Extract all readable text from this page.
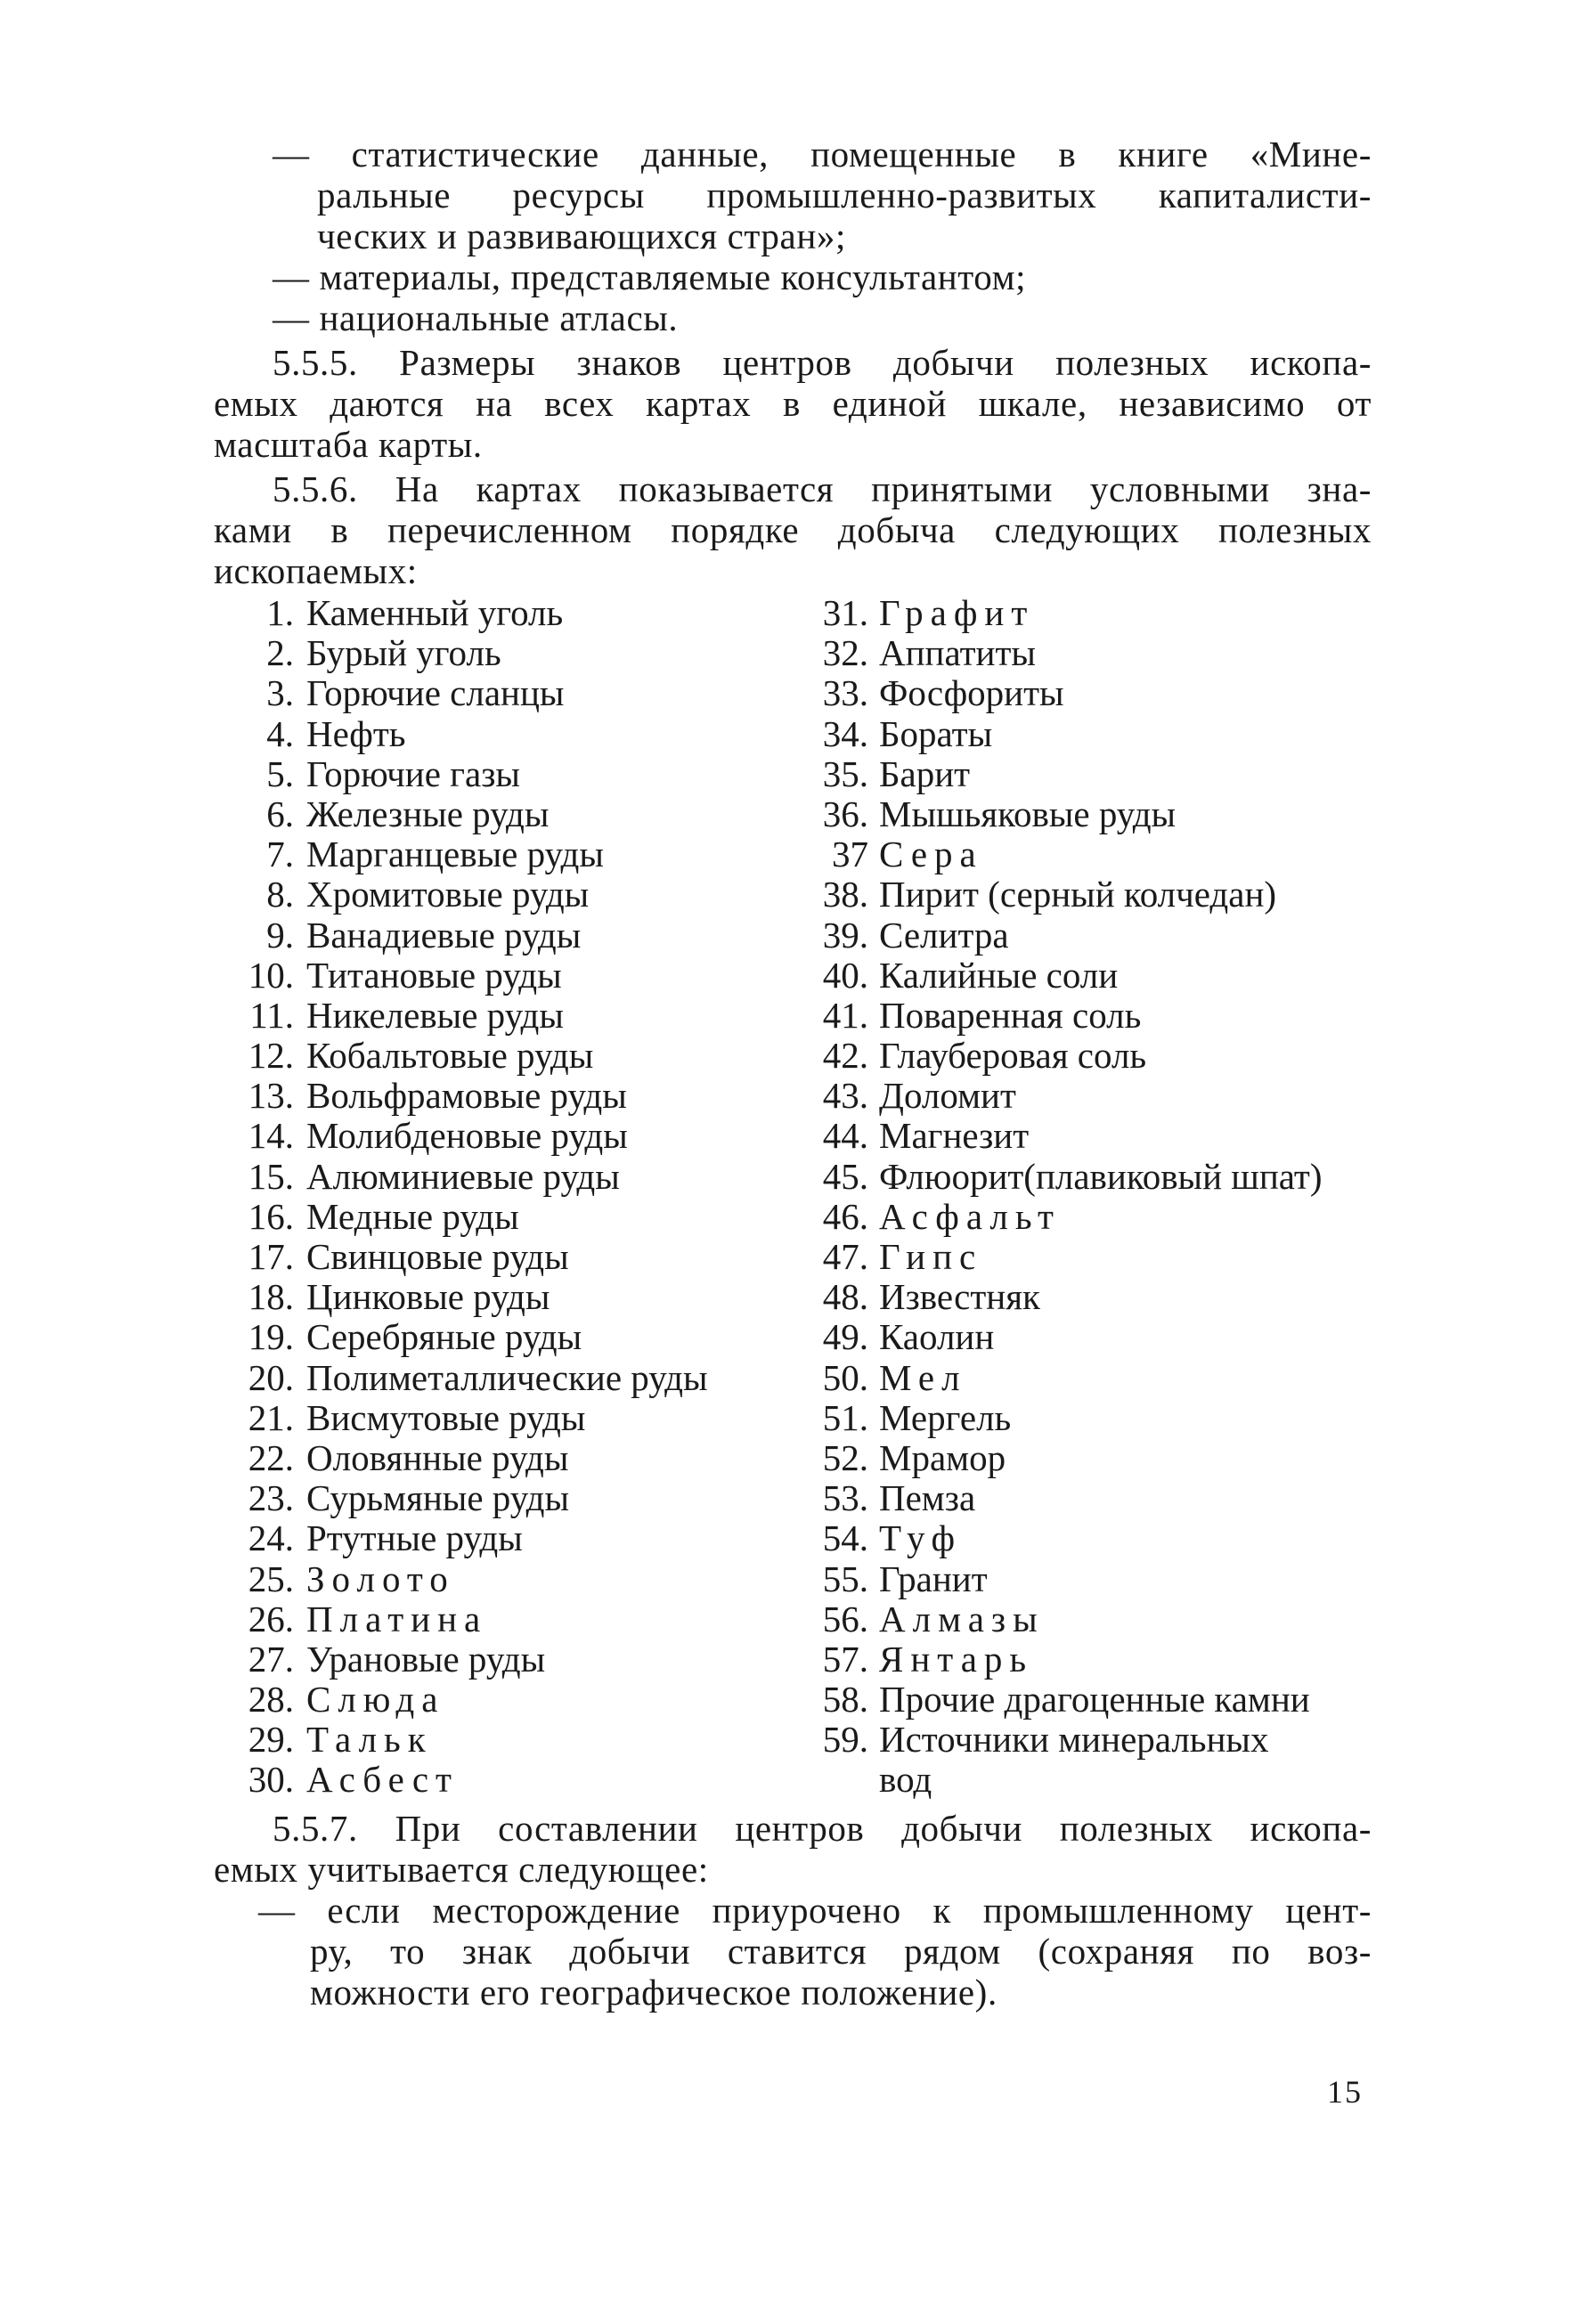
— статистические данные, помещенные в книге «Мине-
ральные ресурсы промышленно-развитых капиталисти-
ческих и развивающихся стран»;
— материалы, представляемые консультантом;
— национальные атласы.
5.5.5. Размеры знаков центров добычи полезных ископа-
емых даются на всех картах в единой шкале, независимо от
масштаба карты.
5.5.6. На картах показывается принятыми условными зна-
ками в перечисленном порядке добыча следующих полезных
ископаемых:
1. Каменный уголь
2. Бурый уголь
3. Горючие сланцы
4. Нефть
5. Горючие газы
6. Железные руды
7. Марганцевые руды
8. Хромитовые руды
9. Ванадиевые руды
10. Титановые руды
11. Никелевые руды
12. Кобальтовые руды
13. Вольфрамовые руды
14. Молибденовые руды
15. Алюминиевые руды
16. Медные руды
17. Свинцовые руды
18. Цинковые руды
19. Серебряные руды
20. Полиметаллические руды
21. Висмутовые руды
22. Оловянные руды
23. Сурьмяные руды
24. Ртутные руды
25. Золото
26. Платина
27. Урановые руды
28. Слюда
29. Тальк
30. Асбест
31. Графит
32. Аппатиты
33. Фосфориты
34. Бораты
35. Барит
36. Мышьяковые руды
37 Сера
38. Пирит (серный колчедан)
39. Селитра
40. Калийные соли
41. Поваренная соль
42. Глауберовая соль
43. Доломит
44. Магнезит
45. Флюорит(плавиковый шпат)
46. Асфальт
47. Гипс
48. Известняк
49. Каолин
50. Мел
51. Мергель
52. Мрамор
53. Пемза
54. Туф
55. Гранит
56. Алмазы
57. Янтарь
58. Прочие драгоценные камни
59. Источники минеральных
вод
5.5.7. При составлении центров добычи полезных ископа-
емых учитывается следующее:
— если месторождение приурочено к промышленному цент-
ру, то знак добычи ставится рядом (сохраняя по воз-
можности его географическое положение).
15
